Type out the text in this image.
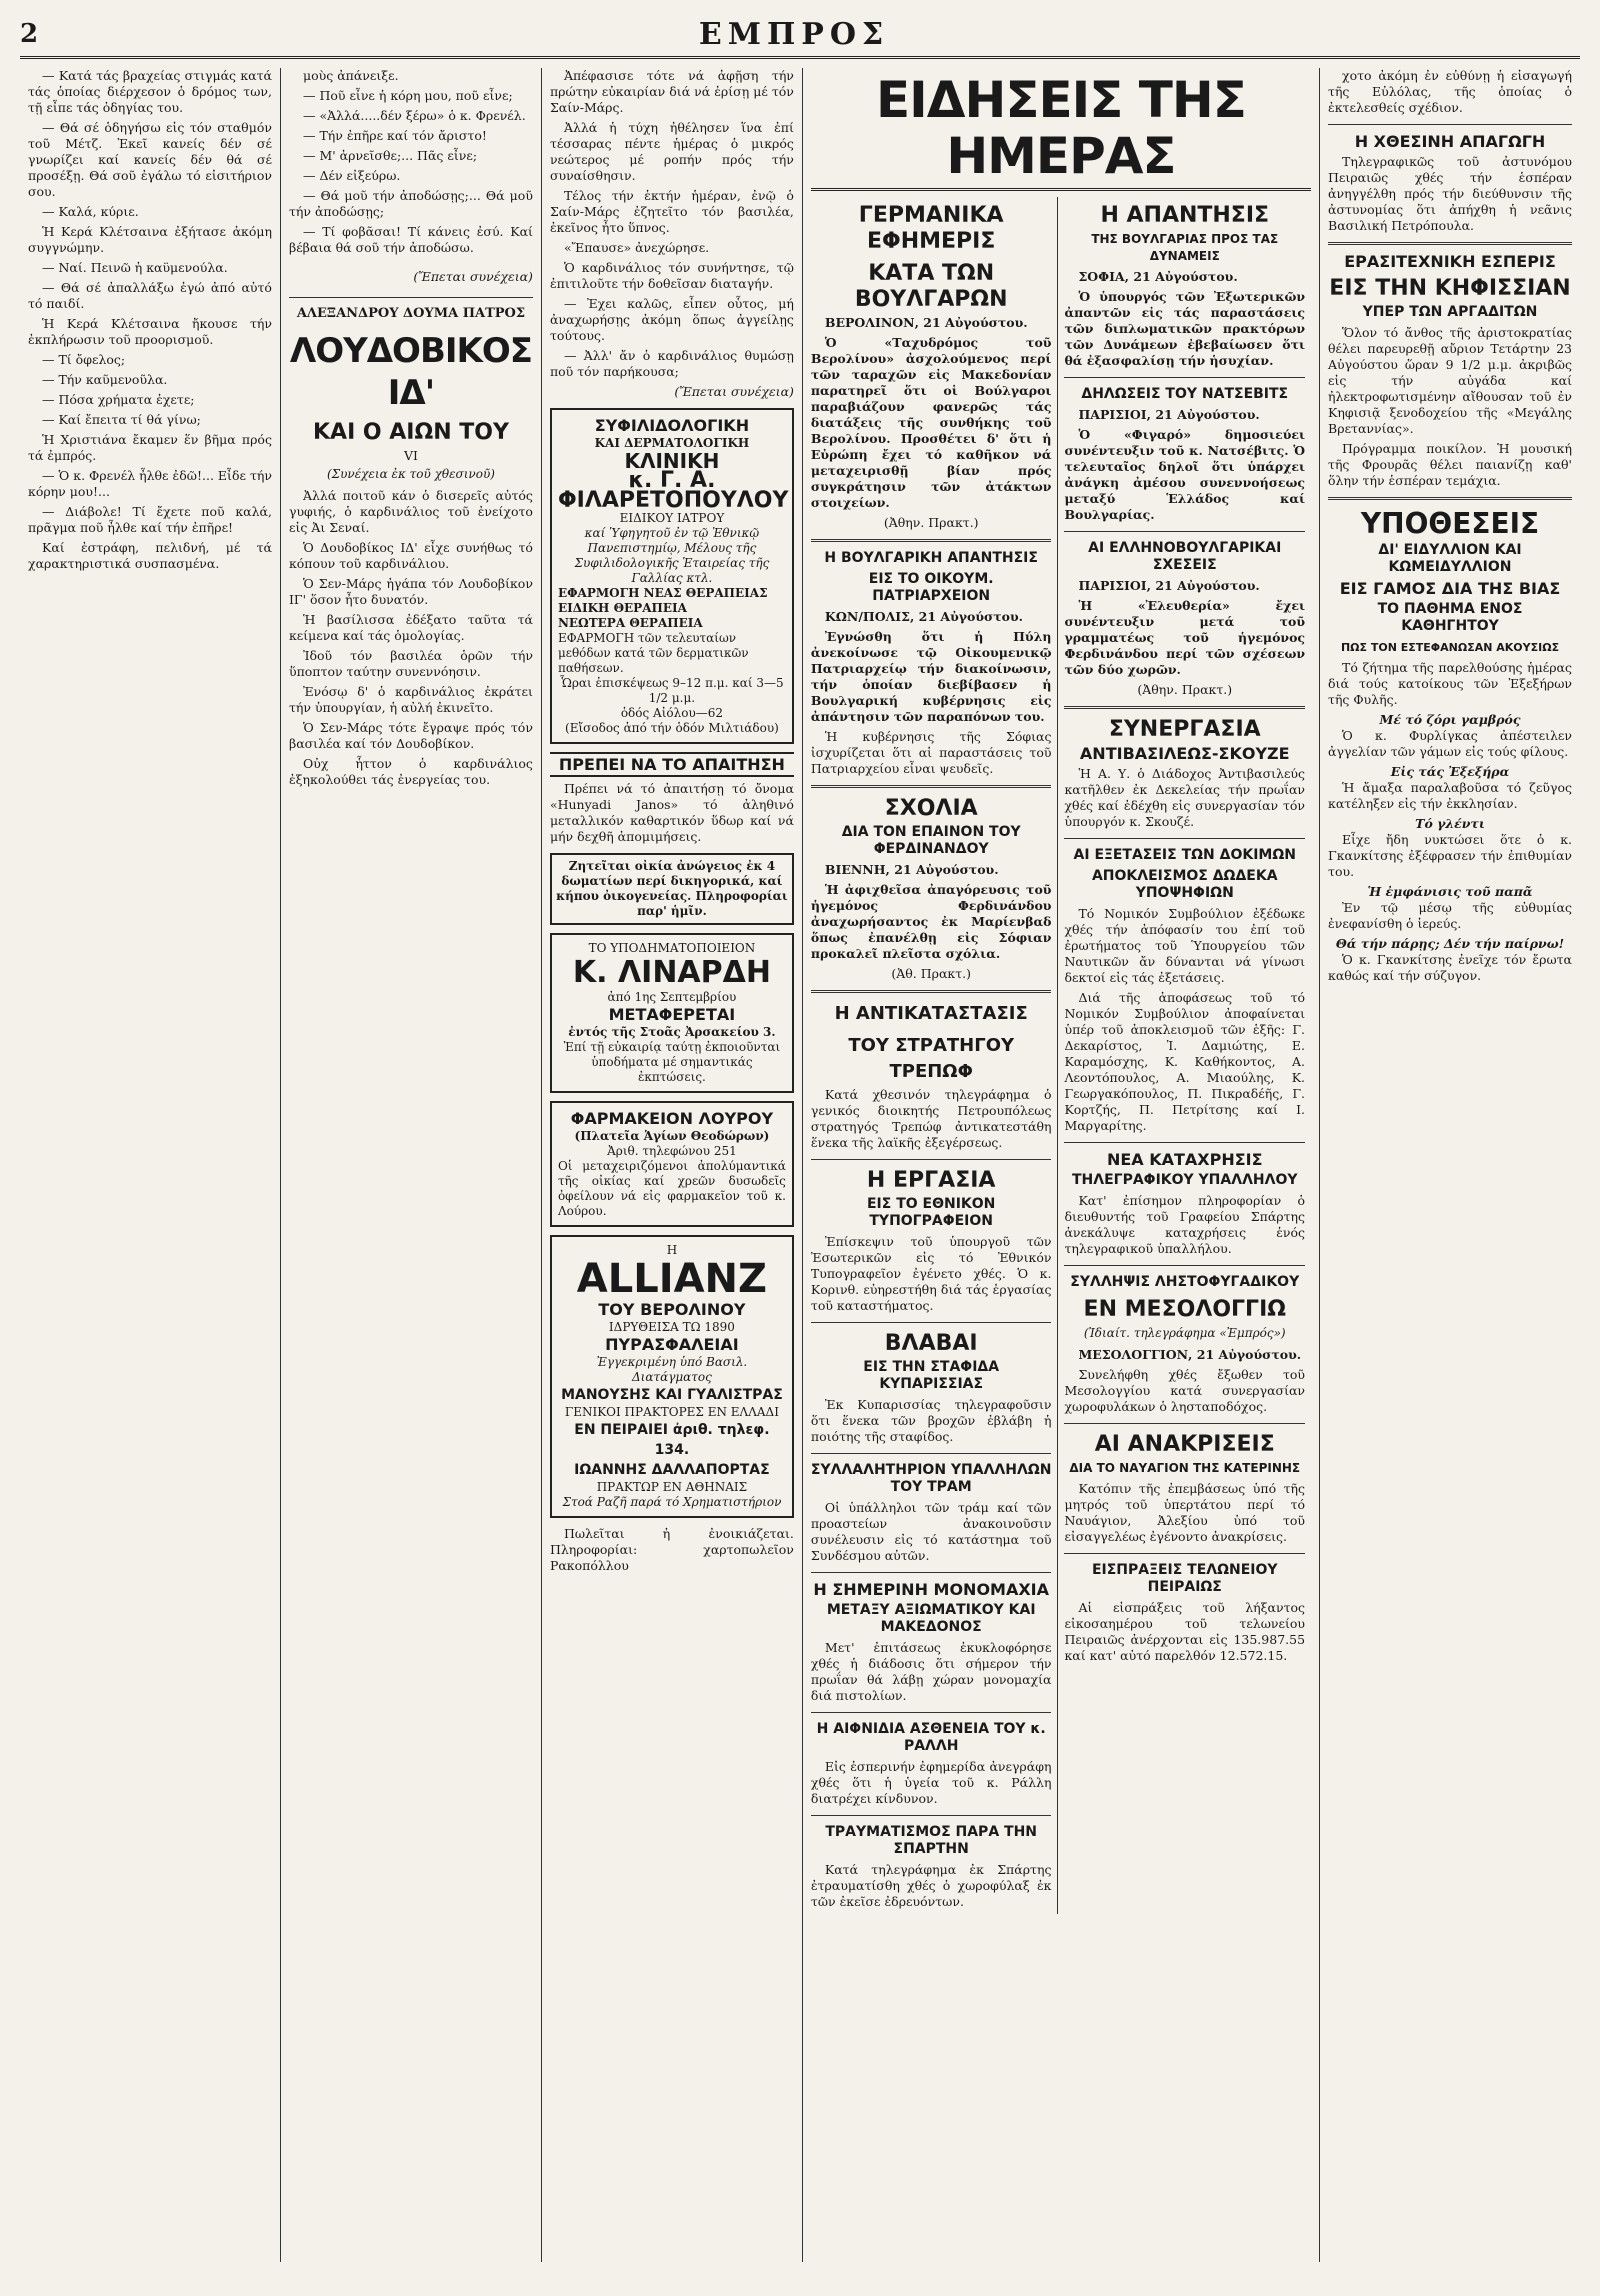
2	ΕΜΠΡΟΣ

— Κατά τάς βραχείας στιγμάς κατά τάς ὁποίας διέρχεσον ὁ δρόμος των, τῇ εἶπε τάς ὁδηγίας του.

— Θά σέ ὁδηγήσω εἰς τόν σταθμόν τοῦ Μέτζ. Ἐκεῖ κανείς δέν σέ γνωρίζει καί κανείς δέν θά σέ προσέξῃ. Θά σοῦ ἐγάλω τό εἰσιτήριον σου.

— Καλά, κύριε.

Ἡ Κερά Κλέτσαινα ἐξήτασε ἀκόμη συγγνώμην.

— Ναί. Πεινῶ ἡ καϋμενούλα.

— Θά σέ ἀπαλλάξω ἐγώ ἀπό αὐτό τό παιδί.

Ἡ Κερά Κλέτσαινα ἤκουσε τήν ἐκπλήρωσιν τοῦ προορισμοῦ.

— Τί ὄφελος;

— Τήν καῦμενοῦλα.

— Πόσα χρήματα ἐχετε;

— Καί ἔπειτα τί θά γίνω;

Ἡ Χριστιάνα ἔκαμεν ἕν βῆμα πρός τά ἐμπρός.

— Ὁ κ. Φρενέλ ἦλθε ἐδῶ!... Εἶδε τήν κόρην μου!...

— Διάβολε! Τί ἔχετε ποῦ καλά, πρᾶγμα ποῦ ἦλθε καί τήν ἐπῆρε!

Καί ἐστράφη, πελιδνή, μέ τά χαρακτηριστικά συσπασμένα.

μοὺς ἀπάνειξε.

— Ποῦ εἶνε ἡ κόρη μου, ποῦ εἶνε;

— «Ἀλλά.....δέν ξέρω» ὁ κ. Φρενέλ.

— Τήν ἐπῆρε καί τόν ἄριστο!

— Μ' ἀρνεῖσθε;... Πᾶς εἶνε;

— Δέν εἰξεύρω.

— Θά μοῦ τήν ἀποδώσῃς;... Θά μοῦ τήν ἀποδώσῃς;

— Τί φοβᾶσαι! Τί κάνεις ἐσύ. Καί βέβαια θά σοῦ τήν ἀποδώσω.

(Ἔπεται συνέχεια)

ΑΛΕΞΑΝΔΡΟΥ ΔΟΥΜΑ ΠΑΤΡΟΣ
ΛΟΥΔΟΒΙΚΟΣ ΙΔ'
ΚΑΙ Ο ΑΙΩΝ ΤΟΥ
VI
(Συνέχεια ἐκ τοῦ χθεσινοῦ)

Ἀλλά ποιτοῦ κάν ὁ δισερεῖς αὐτός γυφιής, ὁ καρδινάλιος τοῦ ἐνείχοτο εἰς Ἀι Σεναί.

Ὁ Δουδοβίκος ΙΔ' εἶχε συνήθως τό κόπουν τοῦ καρδινάλιου.

Ὁ Σεν-Μάρς ἠγάπα τόν Λουδοβίκον ΙΓ' ὅσον ἦτο δυνατόν.

Ἡ βασίλισσα ἐδέξατο ταῦτα τά κείμενα καί τάς ὁμολογίας.

Ἰδοῦ τόν βασιλέα ὁρῶν τήν ὕποπτον ταύτην συνεννόησιν.

Ἐνόσῳ δ' ὁ καρδινάλιος ἐκράτει τήν ὑπουργίαν, ἡ αὐλή ἐκινεῖτο.

Ὁ Σεν-Μάρς τότε ἔγραψε πρός τόν βασιλέα καί τόν Δουδοβίκον.

Οὐχ ἧττον ὁ καρδινάλιος ἐξηκολούθει τάς ἐνεργείας του.

Ἀπέφασισε τότε νά ἀφῇση τήν πρώτην εὐκαιρίαν διά νά ἐρίσῃ μέ τόν Σαίν-Μάρς.

Ἀλλά ἡ τύχη ἠθέλησεν ἵνα ἐπί τέσσαρας πέντε ἡμέρας ὁ μικρός νεώτερος μέ ροπήν πρός τήν συναίσθησιν.

Τέλος τήν ἑκτήν ἡμέραν, ἐνῷ ὁ Σαίν-Μάρς ἐζητεῖτο τόν βασιλέα, ἐκεῖνος ἦτο ὕπνος.

«Ἔπαυσε» ἀνεχώρησε.

Ὁ καρδινάλιος τόν συνήντησε, τῷ ἐπιτιλοῦτε τήν δοθεῖσαν διαταγήν.

— Ἐχει καλῶς, εἶπεν οὗτος, μή ἀναχωρήσῃς ἀκόμη ὅπως ἀγγείλῃς τούτους.

— Ἀλλ' ἄν ὁ καρδινάλιος θυμώσῃ ποῦ τόν παρήκουσα;

(Ἔπεται συνέχεια)

ΣΥΦΙΛΙΔΟΛΟΓΙΚΗ
ΚΑΙ ΔΕΡΜΑΤΟΛΟΓΙΚΗ
ΚΛΙΝΙΚΗ
κ. Γ. Α. ΦΙΛΑΡΕΤΟΠΟΥΛΟΥ
ΕΙΔΙΚΟΥ ΙΑΤΡΟΥ
καί Ὑφηγητοῦ ἐν τῷ Ἐθνικῷ Πανεπιστημίῳ, Μέλους τῆς Συφιλιδολογικῆς Ἑταιρείας τῆς Γαλλίας κτλ.
ΕΦΑΡΜΟΓΗ ΝΕΑΣ ΘΕΡΑΠΕΙΑΣ
ΕΙΔΙΚΗ ΘΕΡΑΠΕΙΑ
ΝΕΩΤΕΡΑ ΘΕΡΑΠΕΙΑ
ΕΦΑΡΜΟΓΗ τῶν τελευταίων μεθόδων κατά τῶν δερματικῶν παθήσεων.
Ὧραι ἐπισκέψεως 9–12 π.μ. καί 3—5 1/2 μ.μ.
ὁδός Αἰόλου—62
(Εἴσοδος ἀπό τήν ὁδόν Μιλτιάδου)
ΠΡΕΠΕΙ ΝΑ ΤΟ ΑΠΑΙΤΗΣΗ

Πρέπει νά τό ἀπαιτήσῃ τό ὄνομα «Hunyadi Janos» τό ἀληθινό μεταλλικόν καθαρτικόν ὕδωρ καί νά μήν δεχθῆ ἀπομιμήσεις.

Ζητεῖται οἰκία ἀνώγειος ἐκ 4 δωματίων περί δικηγορικά, καί κήπου ὀικογενείας. Πληροφορίαι παρ' ἡμῖν.
ΤΟ ΥΠΟΔΗΜΑΤΟΠΟΙΕΙΟΝ
Κ. ΛΙΝΑΡΔΗ
ἀπό 1ης Σεπτεμβρίου
ΜΕΤΑΦΕΡΕΤΑΙ
ἐντός τῆς Στοᾶς Ἀρσακείου 3.
Ἐπί τῇ εὐκαιρίᾳ ταύτῃ ἐκποιοῦνται ὑποδήματα μέ σημαντικάς ἐκπτώσεις.
ΦΑΡΜΑΚΕΙΟΝ ΛΟΥΡΟΥ
(Πλατεῖα Ἁγίων Θεοδώρων)
Ἀριθ. τηλεφώνου 251
Οἱ μεταχειριζόμενοι ἀπολύμαντικά τῆς οἰκίας καί χρεῶν δυσωδεῖς ὀφείλουν νά εἰς φαρμακεῖον τοῦ κ. Λούρου.
Η
ALLIANZ
ΤΟΥ ΒΕΡΟΛΙΝΟΥ
ΙΔΡΥΘΕΙΣΑ ΤΩ 1890
ΠΥΡΑΣΦΑΛΕΙΑΙ
Ἐγγεκριμένη ὑπό Βασιλ. Διατάγματος
ΜΑΝΟΥΣΗΣ ΚΑΙ ΓΥΑΛΙΣΤΡΑΣ
ΓΕΝΙΚΟΙ ΠΡΑΚΤΟΡΕΣ ΕΝ ΕΛΛΑΔΙ
ΕΝ ΠΕΙΡΑΙΕΙ ἀριθ. τηλεφ. 134.
ΙΩΑΝΝΗΣ ΔΑΛΛΑΠΟΡΤΑΣ
ΠΡΑΚΤΩΡ ΕΝ ΑΘΗΝΑΙΣ
Στοά Ραζῆ παρά τό Χρηματιστήριον

Πωλεῖται ἡ ἐνοικιάζεται. Πληροφορίαι: χαρτοπωλεῖον Ρακοπόλλου

ΕΙΔΗΣΕΙΣ ΤΗΣ ΗΜΕΡΑΣ
ΓΕΡΜΑΝΙΚΑ ΕΦΗΜΕΡΙΣ
ΚΑΤΑ ΤΩΝ ΒΟΥΛΓΑΡΩΝ

ΒΕΡΟΛΙΝΟΝ, 21 Αὐγούστου.

Ὁ «Ταχυδρόμος τοῦ Βερολίνου» ἀσχολούμενος περί τῶν ταραχῶν εἰς Μακεδονίαν παρατηρεῖ ὅτι οἱ Βούλγαροι παραβιάζουν φανερῶς τάς διατάξεις τῆς συνθήκης τοῦ Βερολίνου. Προσθέτει δ' ὅτι ἡ Εὐρώπη ἔχει τό καθῆκον νά μεταχειρισθῇ βίαν πρός συγκράτησιν τῶν ἀτάκτων στοιχείων.

(Ἀθην. Πρακτ.)

Η ΒΟΥΛΓΑΡΙΚΗ ΑΠΑΝΤΗΣΙΣ
ΕΙΣ ΤΟ ΟΙΚΟΥΜ. ΠΑΤΡΙΑΡΧΕΙΟΝ

ΚΩΝ/ΠΟΛΙΣ, 21 Αὐγούστου.

Ἐγνώσθη ὅτι ἡ Πύλη ἀνεκοίνωσε τῷ Οἰκουμενικῷ Πατριαρχείῳ τήν διακοίνωσιν, τήν ὁποίαν διεβίβασεν ἡ Βουλγαρική κυβέρνησις εἰς ἀπάντησιν τῶν παραπόνων του.

Ἡ κυβέρνησις τῆς Σόφιας ἰσχυρίζεται ὅτι αἱ παραστάσεις τοῦ Πατριαρχείου εἶναι ψευδεῖς.

ΣΧΟΛΙΑ
ΔΙΑ ΤΟΝ ΕΠΑΙΝΟΝ ΤΟΥ ΦΕΡΔΙΝΑΝΔΟΥ

ΒΙΕΝΝΗ, 21 Αὐγούστου.

Ἡ ἀφιχθεῖσα ἀπαγόρευσις τοῦ ἡγεμόνος Φερδινάνδου ἀναχωρήσαντος ἐκ Μαρίενβαδ ὅπως ἐπανέλθῃ εἰς Σόφιαν προκαλεῖ πλεῖστα σχόλια.

(Ἀθ. Πρακτ.)

Η ΑΝΤΙΚΑΤΑΣΤΑΣΙΣ
ΤΟΥ ΣΤΡΑΤΗΓΟΥ ΤΡΕΠΩΦ

Κατά χθεσινόν τηλεγράφημα ὁ γενικός διοικητής Πετρουπόλεως στρατηγός Τρεπώφ ἀντικατεστάθη ἕνεκα τῆς λαϊκῆς ἐξεγέρσεως.

Η ΕΡΓΑΣΙΑ
ΕΙΣ ΤΟ ΕΘΝΙΚΟΝ ΤΥΠΟΓΡΑΦΕΙΟΝ

Ἐπίσκεψιν τοῦ ὑπουργοῦ τῶν Ἐσωτερικῶν εἰς τό Ἐθνικόν Τυπογραφεῖον ἐγένετο χθές. Ὁ κ. Κορινθ. εὐηρεστήθη διά τάς ἐργασίας τοῦ καταστήματος.

ΒΛΑΒΑΙ
ΕΙΣ ΤΗΝ ΣΤΑΦΙΔΑ ΚΥΠΑΡΙΣΣΙΑΣ

Ἐκ Κυπαρισσίας τηλεγραφοῦσιν ὅτι ἕνεκα τῶν βροχῶν ἐβλάβη ἡ ποιότης τῆς σταφίδος.

ΣΥΛΛΑΛΗΤΗΡΙΟΝ ΥΠΑΛΛΗΛΩΝ ΤΟΥ ΤΡΑΜ

Οἱ ὑπάλληλοι τῶν τράμ καί τῶν προαστείων ἀνακοινοῦσιν συνέλευσιν εἰς τό κατάστημα τοῦ Συνδέσμου αὐτῶν.

Η ΣΗΜΕΡΙΝΗ ΜΟΝΟΜΑΧΙΑ
ΜΕΤΑΞΥ ΑΞΙΩΜΑΤΙΚΟΥ ΚΑΙ ΜΑΚΕΔΟΝΟΣ

Μετ' ἐπιτάσεως ἐκυκλοφόρησε χθές ἡ διάδοσις ὅτι σήμερον τήν πρωΐαν θά λάβῃ χώραν μονομαχία διά πιστολίων.

Η ΑΙΦΝΙΔΙΑ ΑΣΘΕΝΕΙΑ ΤΟΥ κ. ΡΑΛΛΗ

Εἰς ἐσπερινήν ἐφημερίδα ἀνεγράφη χθές ὅτι ἡ ὑγεία τοῦ κ. Ράλλη διατρέχει κίνδυνον.

ΤΡΑΥΜΑΤΙΣΜΟΣ ΠΑΡΑ ΤΗΝ ΣΠΑΡΤΗΝ

Κατά τηλεγράφημα ἐκ Σπάρτης ἐτραυματίσθη χθές ὁ χωροφύλαξ ἐκ τῶν ἐκεῖσε ἐδρευόντων.

Η ΑΠΑΝΤΗΣΙΣ
ΤΗΣ ΒΟΥΛΓΑΡΙΑΣ ΠΡΟΣ ΤΑΣ ΔΥΝΑΜΕΙΣ

ΣΟΦΙΑ, 21 Αὐγούστου.

Ὁ ὑπουργός τῶν Ἐξωτερικῶν ἀπαντῶν εἰς τάς παραστάσεις τῶν διπλωματικῶν πρακτόρων τῶν Δυνάμεων ἐβεβαίωσεν ὅτι θά ἐξασφαλίσῃ τήν ἡσυχίαν.

ΔΗΛΩΣΕΙΣ ΤΟΥ ΝΑΤΣΕΒΙΤΣ

ΠΑΡΙΣΙΟΙ, 21 Αὐγούστου.

Ὁ «Φιγαρό» δημοσιεύει συνέντευξιν τοῦ κ. Νατσέβιτς. Ὁ τελευταῖος δηλοῖ ὅτι ὑπάρχει ἀνάγκη ἀμέσου συνεννοήσεως μεταξύ Ἑλλάδος καί Βουλγαρίας.

ΑΙ ΕΛΛΗΝΟΒΟΥΛΓΑΡΙΚΑΙ ΣΧΕΣΕΙΣ

ΠΑΡΙΣΙΟΙ, 21 Αὐγούστου.

Ἡ «Ἐλευθερία» ἔχει συνέντευξιν μετά τοῦ γραμματέως τοῦ ἡγεμόνος Φερδινάνδου περί τῶν σχέσεων τῶν δύο χωρῶν.

(Ἀθην. Πρακτ.)

ΣΥΝΕΡΓΑΣΙΑ
ΑΝΤΙΒΑΣΙΛΕΩΣ-ΣΚΟΥΖΕ

Ἡ Α. Υ. ὁ Διάδοχος Ἀντιβασιλεύς κατῆλθεν ἐκ Δεκελείας τήν πρωΐαν χθές καί ἐδέχθη εἰς συνεργασίαν τόν ὑπουργόν κ. Σκουζέ.

ΑΙ ΕΞΕΤΑΣΕΙΣ ΤΩΝ ΔΟΚΙΜΩΝ
ΑΠΟΚΛΕΙΣΜΟΣ ΔΩΔΕΚΑ ΥΠΟΨΗΦΙΩΝ

Τό Νομικόν Συμβούλιον ἐξέδωκε χθές τήν ἀπόφασίν του ἐπί τοῦ ἐρωτήματος τοῦ Ὑπουργείου τῶν Ναυτικῶν ἄν δύνανται νά γίνωσι δεκτοί εἰς τάς ἐξετάσεις.

Διά τῆς ἀποφάσεως τοῦ τό Νομικόν Συμβούλιον ἀποφαίνεται ὑπέρ τοῦ ἀποκλεισμοῦ τῶν ἑξῆς: Γ. Δεκαρίστος, Ἰ. Δαμιώτης, Ε. Καραμόσχης, Κ. Καθήκοντος, Α. Λεοντόπουλος, Α. Μιαούλης, Κ. Γεωργακόπουλος, Π. Πικραδέῆς, Γ. Κορτζής, Π. Πετρίτσης καί Ι. Μαργαρίτης.

ΝΕΑ ΚΑΤΑΧΡΗΣΙΣ
ΤΗΛΕΓΡΑΦΙΚΟΥ ΥΠΑΛΛΗΛΟΥ

Κατ' ἐπίσημον πληροφορίαν ὁ διευθυντής τοῦ Γραφείου Σπάρτης ἀνεκάλυψε καταχρήσεις ἑνός τηλεγραφικοῦ ὑπαλλήλου.

ΣΥΛΛΗΨΙΣ ΛΗΣΤΟΦΥΓΑΔΙΚΟΥ
ΕΝ ΜΕΣΟΛΟΓΓΙΩ
(Ἰδιαίτ. τηλεγράφημα «Ἐμπρός»)

ΜΕΣΟΛΟΓΓΙΟΝ, 21 Αὐγούστου.

Συνελήφθη χθές ἔξωθεν τοῦ Μεσολογγίου κατά συνεργασίαν χωροφυλάκων ὁ λησταποδόχος.

ΑΙ ΑΝΑΚΡΙΣΕΙΣ
ΔΙΑ ΤΟ ΝΑΥΑΓΙΟΝ ΤΗΣ ΚΑΤΕΡΙΝΗΣ

Κατόπιν τῆς ἐπεμβάσεως ὑπό τῆς μητρός τοῦ ὑπερτάτου περί τό Ναυάγιον, Ἀλεξίου ὑπό τοῦ εἰσαγγελέως ἐγένοντο ἀνακρίσεις.

ΕΙΣΠΡΑΞΕΙΣ ΤΕΛΩΝΕΙΟΥ ΠΕΙΡΑΙΩΣ

Αἱ εἰσπράξεις τοῦ λήξαντος εἰκοσαημέρου τοῦ τελωνείου Πειραιῶς ἀνέρχονται εἰς 135.987.55 καί κατ' αὐτό παρελθόν 12.572.15.

χοτο ἀκόμη ἐν εὐθύνῃ ἡ εἰσαγωγή τῆς Εὐλόλας, τῆς ὁποίας ὁ ἐκτελεσθείς σχέδιον.

Η ΧΘΕΣΙΝΗ ΑΠΑΓΩΓΗ

Τηλεγραφικῶς τοῦ ἀστυνόμου Πειραιῶς χθές τήν ἑσπέραν ἀνηγγέλθη πρός τήν διεύθυνσιν τῆς ἀστυνομίας ὅτι ἀπήχθη ἡ νεᾶνις Βασιλική Πετρόπουλα.

ΕΡΑΣΙΤΕΧΝΙΚΗ ΕΣΠΕΡΙΣ
ΕΙΣ ΤΗΝ ΚΗΦΙΣΣΙΑΝ
ΥΠΕΡ ΤΩΝ ΑΡΓΑΔΙΤΩΝ

Ὅλον τό ἄνθος τῆς ἀριστοκρατίας θέλει παρευρεθῇ αὔριον Τετάρτην 23 Αὐγούστου ὥραν 9 1/2 μ.μ. ἀκριβῶς εἰς τήν αὐγάδα καί ἠλεκτροφωτισμένην αἴθουσαν τοῦ ἐν Κηφισιᾷ ξενοδοχείου τῆς «Μεγάλης Βρεταννίας».

Πρόγραμμα ποικίλον. Ἡ μουσική τῆς Φρουρᾶς θέλει παιανίζῃ καθ' ὅλην τήν ἑσπέραν τεμάχια.

ΥΠΟΘΕΣΕΙΣ
ΔΙ' ΕΙΔΥΛΛΙΟΝ ΚΑΙ ΚΩΜΕΙΔΥΛΛΙΟΝ
ΕΙΣ ΓΑΜΟΣ ΔΙΑ ΤΗΣ ΒΙΑΣ
ΤΟ ΠΑΘΗΜΑ ΕΝΟΣ ΚΑΘΗΓΗΤΟΥ
ΠΩΣ ΤΟΝ ΕΣΤΕΦΑΝΩΣΑΝ ΑΚΟΥΣΙΩΣ

Τό ζήτημα τῆς παρελθούσης ἡμέρας διά τούς κατοίκους τῶν Ἐξεξήρων τῆς Φυλῆς.

Μέ τό ζόρι γαμβρός

Ὁ κ. Φυρλίγκας ἀπέστειλεν ἀγγελίαν τῶν γάμων εἰς τούς φίλους.

Εἰς τάς Ἐξεξήρα

Ἡ ἄμαξα παραλαβοῦσα τό ζεῦγος κατέληξεν εἰς τήν ἐκκλησίαν.

Τό γλέντι

Εἶχε ἤδη νυκτώσει ὅτε ὁ κ. Γκανκίτσης ἐξέφρασεν τήν ἐπιθυμίαν του.

Ἡ ἐμφάνισις τοῦ παπᾶ

Ἐν τῷ μέσῳ τῆς εὐθυμίας ἐνεφανίσθη ὁ ἱερεύς.

Θά τήν πάρῃς; Δέν τήν παίρνω!

Ὁ κ. Γκανκίτσης ἐνεῖχε τόν ἔρωτα καθώς καί τήν σύζυγον.
